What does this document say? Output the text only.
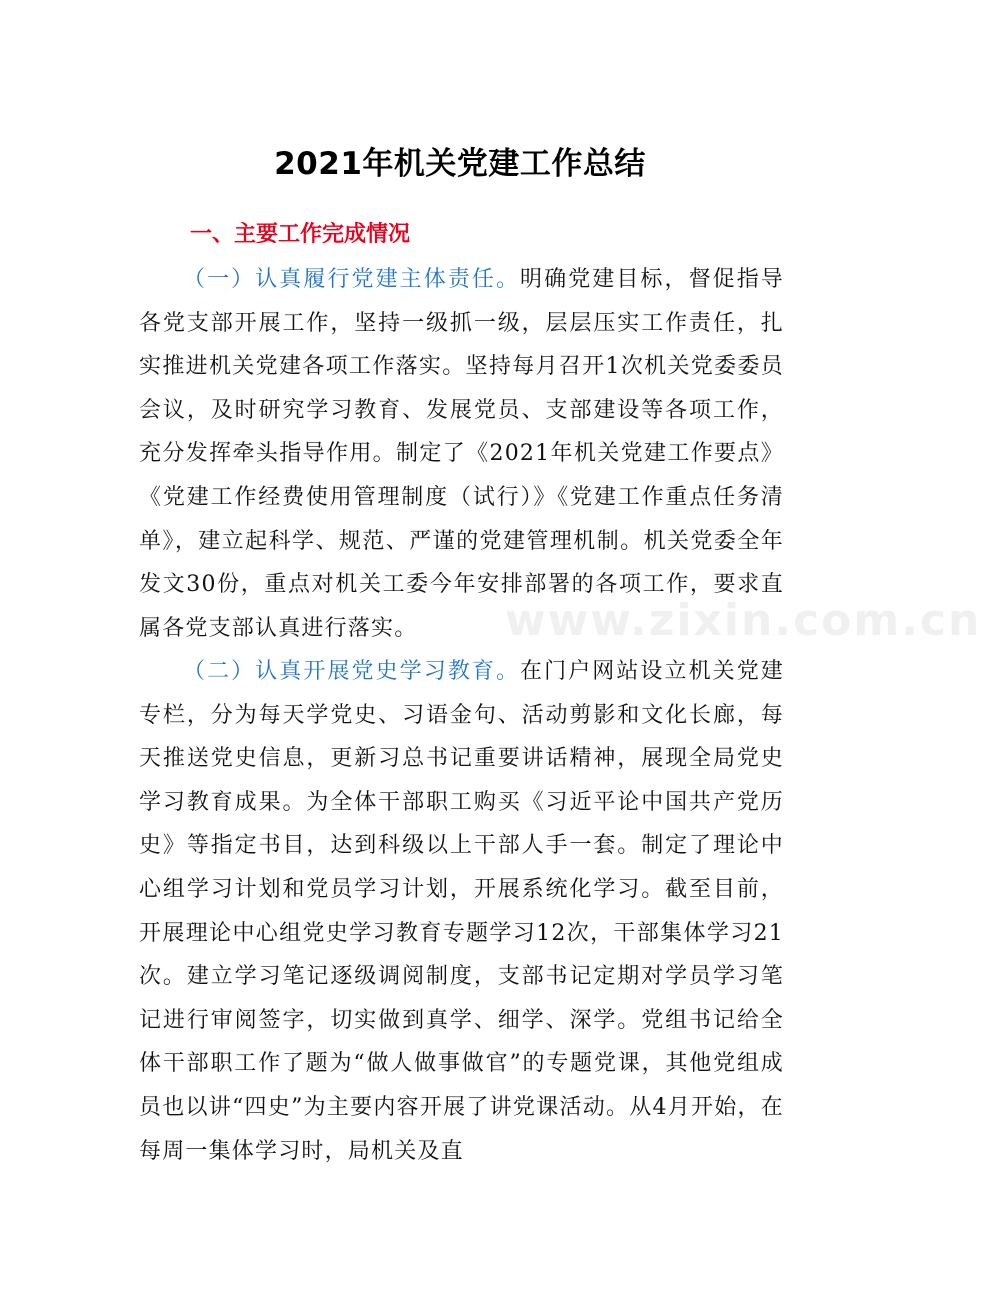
2021年机关党建工作总结
一、主要工作完成情况

（一）认真履行党建主体责任。明确党建目标，督促指导各党支部开展工作，坚持一级抓一级，层层压实工作责任，扎实推进机关党建各项工作落实。坚持每月召开1次机关党委委员会议，及时研究学习教育、发展党员、支部建设等各项工作，充分发挥牵头指导作用。制定了《2021年机关党建工作要点》《党建工作经费使用管理制度（试行）》《党建工作重点任务清单》，建立起科学、规范、严谨的党建管理机制。机关党委全年发文30份，重点对机关工委今年安排部署的各项工作，要求直属各党支部认真进行落实。

（二）认真开展党史学习教育。在门户网站设立机关党建专栏，分为每天学党史、习语金句、活动剪影和文化长廊，每天推送党史信息，更新习总书记重要讲话精神，展现全局党史学习教育成果。为全体干部职工购买《习近平论中国共产党历史》等指定书目，达到科级以上干部人手一套。制定了理论中心组学习计划和党员学习计划，开展系统化学习。截至目前，开展理论中心组党史学习教育专题学习12次，干部集体学习21次。建立学习笔记逐级调阅制度，支部书记定期对学员学习笔记进行审阅签字，切实做到真学、细学、深学。党组书记给全体干部职工作了题为“做人做事做官”的专题党课，其他党组成员也以讲“四史”为主要内容开展了讲党课活动。从4月开始，在每周一集体学习时，局机关及直

www.zixin.com.cn
